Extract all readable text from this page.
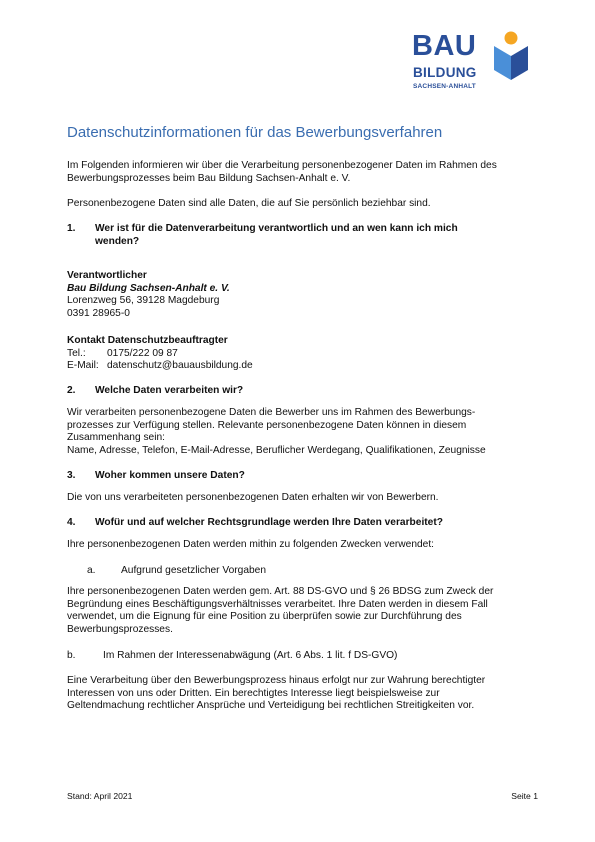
BAU
BILDUNG
SACHSEN-ANHALT
Datenschutzinformationen für das Bewerbungsverfahren
Im Folgenden informieren wir über die Verarbeitung personenbezogener Daten im Rahmen des
Bewerbungsprozesses beim Bau Bildung Sachsen-Anhalt e. V.
Personenbezogene Daten sind alle Daten, die auf Sie persönlich beziehbar sind.
1. Wer ist für die Datenverarbeitung verantwortlich und an wen kann ich mich
wenden?
Verantwortlicher
Bau Bildung Sachsen-Anhalt e. V.
Lorenzweg 56, 39128 Magdeburg
0391 28965-0
Kontakt Datenschutzbeauftragter
Tel.: 0175/222 09 87
E-Mail: datenschutz@bauausbildung.de
2. Welche Daten verarbeiten wir?
Wir verarbeiten personenbezogene Daten die Bewerber uns im Rahmen des Bewerbungs-
prozesses zur Verfügung stellen. Relevante personenbezogene Daten können in diesem
Zusammenhang sein:
Name, Adresse, Telefon, E-Mail-Adresse, Beruflicher Werdegang, Qualifikationen, Zeugnisse
3. Woher kommen unsere Daten?
Die von uns verarbeiteten personenbezogenen Daten erhalten wir von Bewerbern.
4. Wofür und auf welcher Rechtsgrundlage werden Ihre Daten verarbeitet?
Ihre personenbezogenen Daten werden mithin zu folgenden Zwecken verwendet:
a.	Aufgrund gesetzlicher Vorgaben
Ihre personenbezogenen Daten werden gem. Art. 88 DS-GVO und § 26 BDSG zum Zweck der
Begründung eines Beschäftigungsverhältnisses verarbeitet. Ihre Daten werden in diesem Fall
verwendet, um die Eignung für eine Position zu überprüfen sowie zur Durchführung des
Bewerbungsprozesses.
b.	Im Rahmen der Interessenabwägung (Art. 6 Abs. 1 lit. f DS-GVO)
Eine Verarbeitung über den Bewerbungsprozess hinaus erfolgt nur zur Wahrung berechtigter
Interessen von uns oder Dritten. Ein berechtigtes Interesse liegt beispielsweise zur
Geltendmachung rechtlicher Ansprüche und Verteidigung bei rechtlichen Streitigkeiten vor.
Stand: April 2021	Seite 1
